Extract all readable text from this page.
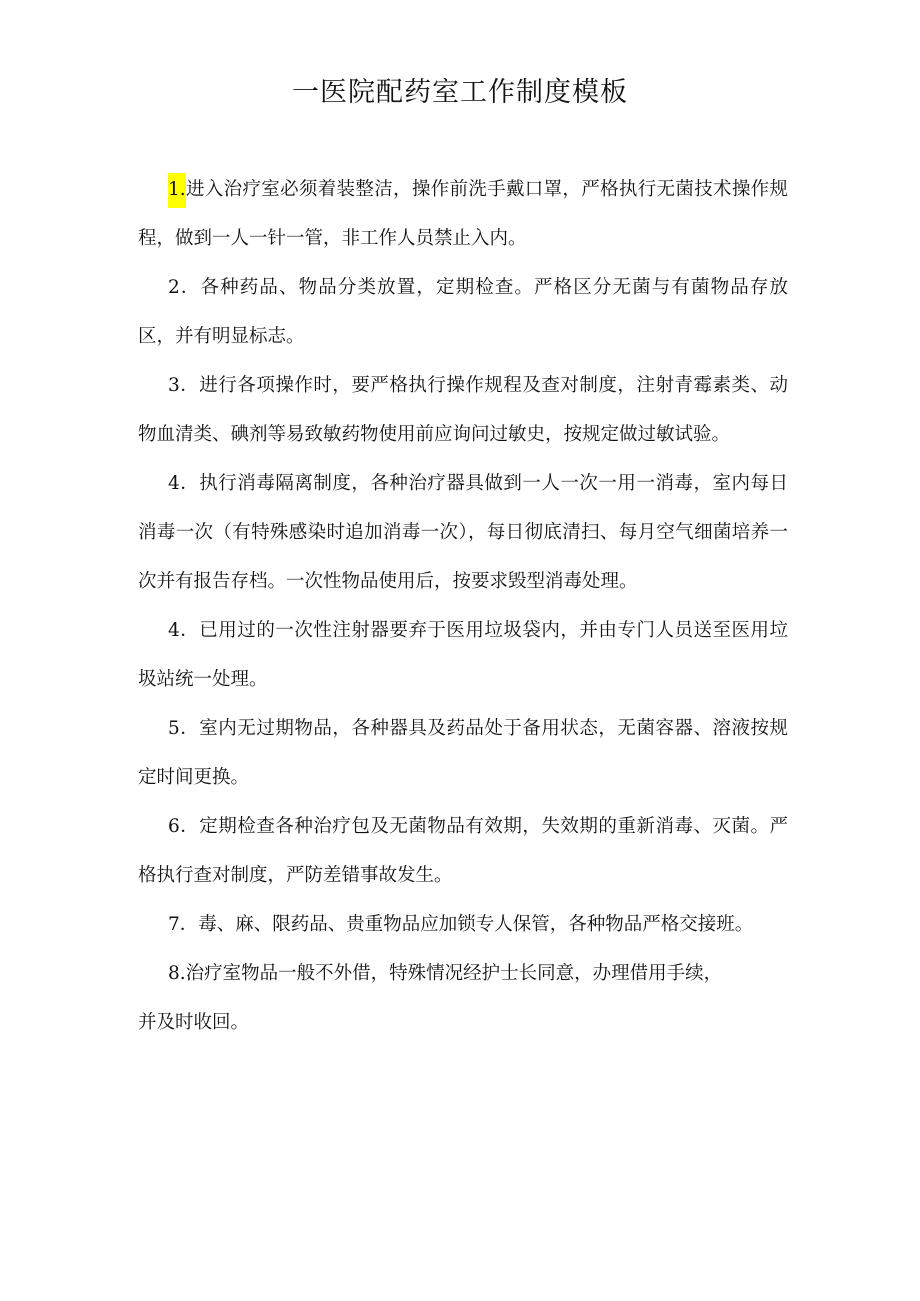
一医院配药室工作制度模板

1.进入治疗室必须着装整洁，操作前洗手戴口罩，严格执行无菌技术操作规程，做到一人一针一管，非工作人员禁止入内。

2．各种药品、物品分类放置，定期检查。严格区分无菌与有菌物品存放区，并有明显标志。

3．进行各项操作时，要严格执行操作规程及查对制度，注射青霉素类、动物血清类、碘剂等易致敏药物使用前应询问过敏史，按规定做过敏试验。

4．执行消毒隔离制度，各种治疗器具做到一人一次一用一消毒，室内每日消毒一次（有特殊感染时追加消毒一次），每日彻底清扫、每月空气细菌培养一次并有报告存档。一次性物品使用后，按要求毁型消毒处理。

4．已用过的一次性注射器要弃于医用垃圾袋内，并由专门人员送至医用垃圾站统一处理。

5．室内无过期物品，各种器具及药品处于备用状态，无菌容器、溶液按规定时间更换。

6．定期检查各种治疗包及无菌物品有效期，失效期的重新消毒、灭菌。严格执行查对制度，严防差错事故发生。

7．毒、麻、限药品、贵重物品应加锁专人保管，各种物品严格交接班。

8.治疗室物品一般不外借，特殊情况经护士长同意，办理借用手续，
并及时收回。
